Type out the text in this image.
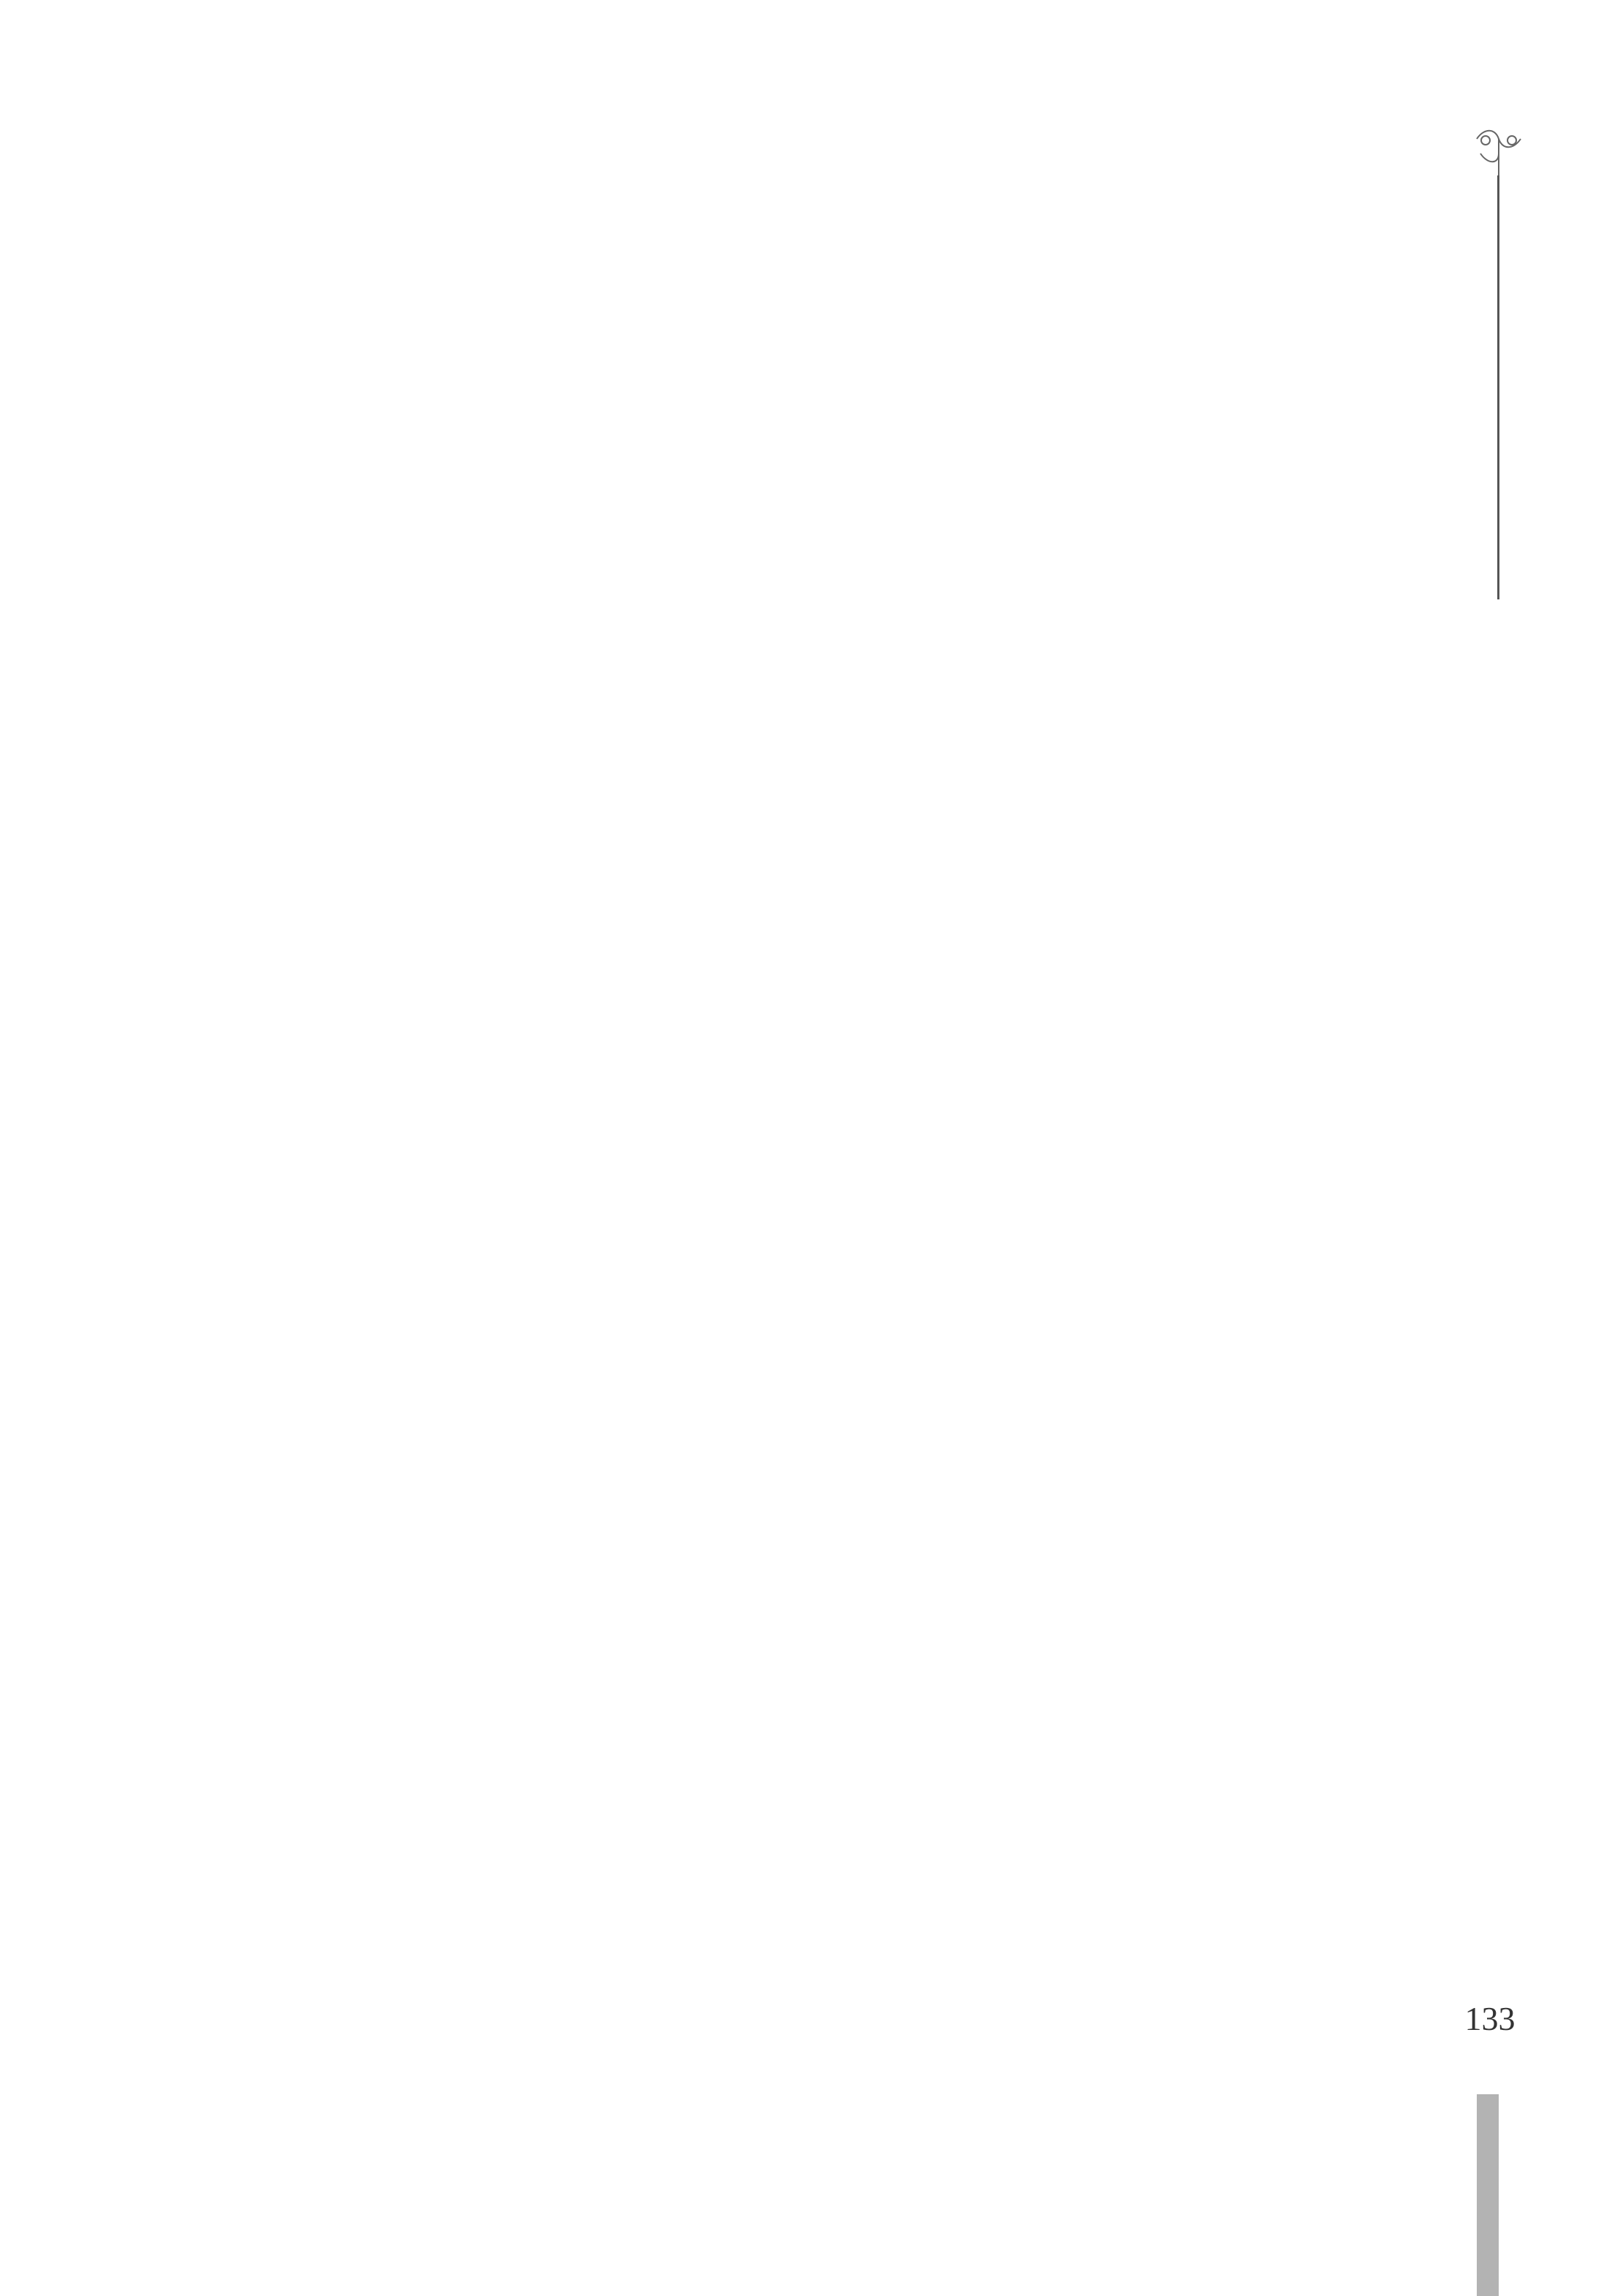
133
